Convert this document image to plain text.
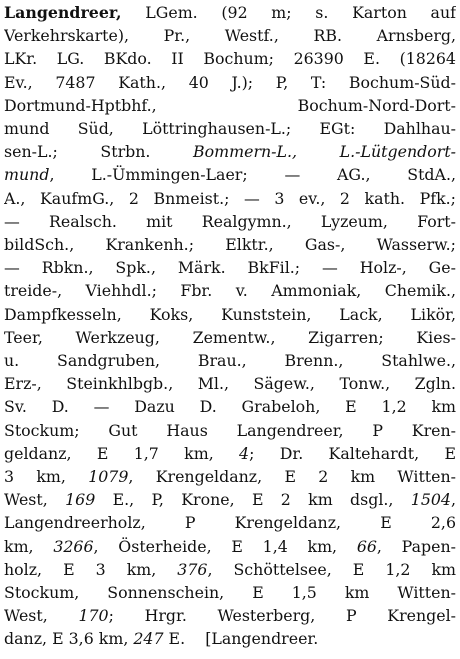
Langendreer, LGem. (92 m; s. Karton auf
Verkehrskarte), Pr., Westf., RB. Arnsberg,
LKr. LG. BKdo. II Bochum; 26390 E. (18264
Ev., 7487 Kath., 40 J.); P, T: Bochum-Süd-
Dortmund-Hptbhf., Bochum-Nord-Dort-
mund Süd, Löttringhausen-L.; EGt: Dahlhau-
sen-L.; Strbn. Bommern-L., L.-Lütgendort-
mund, L.-Ümmingen-Laer; — AG., StdA.,
A., KaufmG., 2 Bnmeist.; — 3 ev., 2 kath. Pfk.;
— Realsch. mit Realgymn., Lyzeum, Fort-
bildSch., Krankenh.; Elktr., Gas-, Wasserw.;
— Rbkn., Spk., Märk. BkFil.; — Holz-, Ge-
treide-, Viehhdl.; Fbr. v. Ammoniak, Chemik.,
Dampfkesseln, Koks, Kunststein, Lack, Likör,
Teer, Werkzeug, Zementw., Zigarren; Kies-
u. Sandgruben, Brau., Brenn., Stahlwe.,
Erz-, Steinkhlbgb., Ml., Sägew., Tonw., Zgln.
Sv. D. — Dazu D. Grabeloh, E 1,2 km
Stockum; Gut Haus Langendreer, P Kren-
geldanz, E 1,7 km, 4; Dr. Kaltehardt, E
3 km, 1079, Krengeldanz, E 2 km Witten-
West, 169 E., P, Krone, E 2 km dsgl., 1504,
Langendreerholz, P Krengeldanz, E 2,6
km, 3266, Österheide, E 1,4 km, 66, Papen-
holz, E 3 km, 376, Schöttelsee, E 1,2 km
Stockum, Sonnenschein, E 1,5 km Witten-
West, 170; Hrgr. Westerberg, P Krengel-
danz, E 3,6 km, 247 E.    [Langendreer.
